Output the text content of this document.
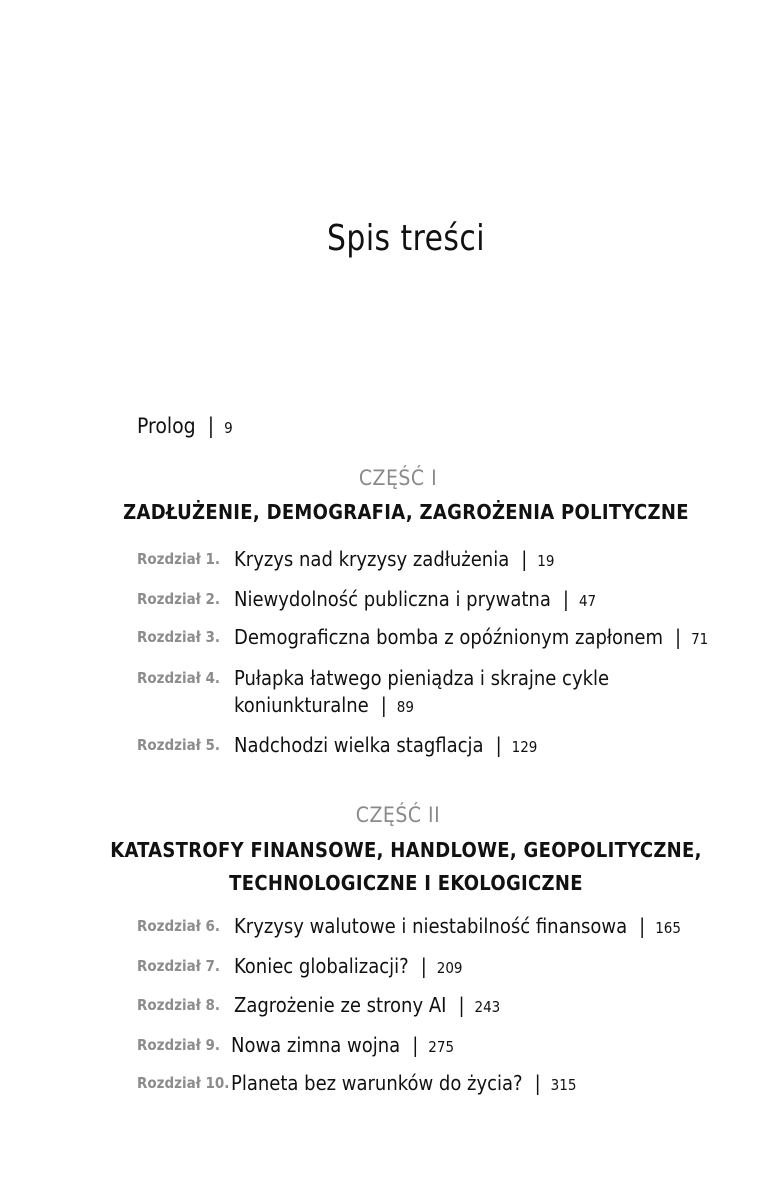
Spis treści
Prolog | 9
CZĘŚĆ I
ZADŁUŻENIE, DEMOGRAFIA, ZAGROŻENIA POLITYCZNE
Rozdział 1. Kryzys nad kryzysy zadłużenia | 19
Rozdział 2. Niewydolność publiczna i prywatna | 47
Rozdział 3. Demograficzna bomba z opóźnionym zapłonem | 71
Rozdział 4. Pułapka łatwego pieniądza i skrajne cykle
koniunkturalne | 89
Rozdział 5. Nadchodzi wielka stagflacja | 129
CZĘŚĆ II
KATASTROFY FINANSOWE, HANDLOWE, GEOPOLITYCZNE,
TECHNOLOGICZNE I EKOLOGICZNE
Rozdział 6. Kryzysy walutowe i niestabilność finansowa | 165
Rozdział 7. Koniec globalizacji? | 209
Rozdział 8. Zagrożenie ze strony AI | 243
Rozdział 9. Nowa zimna wojna | 275
Rozdział 10. Planeta bez warunków do życia? | 315
